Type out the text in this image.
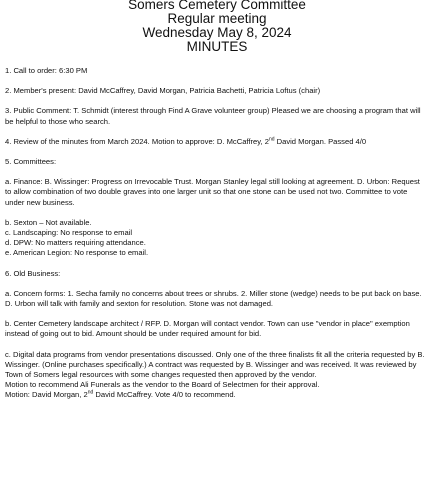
Somers Cemetery Committee
Regular meeting
Wednesday May 8, 2024
MINUTES

1. Call to order: 6:30 PM

2. Member's present: David McCaffrey, David Morgan, Patricia Bachetti, Patricia Loftus (chair)

3. Public Comment: T. Schmidt (interest through Find A Grave volunteer group) Pleased we are choosing a program that will be helpful to those who search.

4. Review of the minutes from March 2024. Motion to approve: D. McCaffrey, 2nd David Morgan. Passed 4/0

5. Committees:

a. Finance: B. Wissinger: Progress on Irrevocable Trust. Morgan Stanley legal still looking at agreement. D. Urbon: Request to allow combination of two double graves into one larger unit so that one stone can be used not two. Committee to vote under new business.

b. Sexton – Not available.

c. Landscaping: No response to email

d. DPW: No matters requiring attendance.

e. American Legion: No response to email.

6. Old Business:

a. Concern forms: 1. Secha family no concerns about trees or shrubs. 2. Miller stone (wedge) needs to be put back on base. D. Urbon will talk with family and sexton for resolution. Stone was not damaged.

b. Center Cemetery landscape architect / RFP. D. Morgan will contact vendor. Town can use "vendor in place" exemption instead of going out to bid. Amount should be under required amount for bid.

c. Digital data programs from vendor presentations discussed. Only one of the three finalists fit all the criteria requested by B. Wissinger. (Online purchases specifically.) A contract was requested by B. Wissinger and was received. It was reviewed by Town of Somers legal resources with some changes requested then approved by the vendor.

Motion to recommend Ali Funerals as the vendor to the Board of Selectmen for their approval.

Motion: David Morgan, 2nd David McCaffrey. Vote 4/0 to recommend.
